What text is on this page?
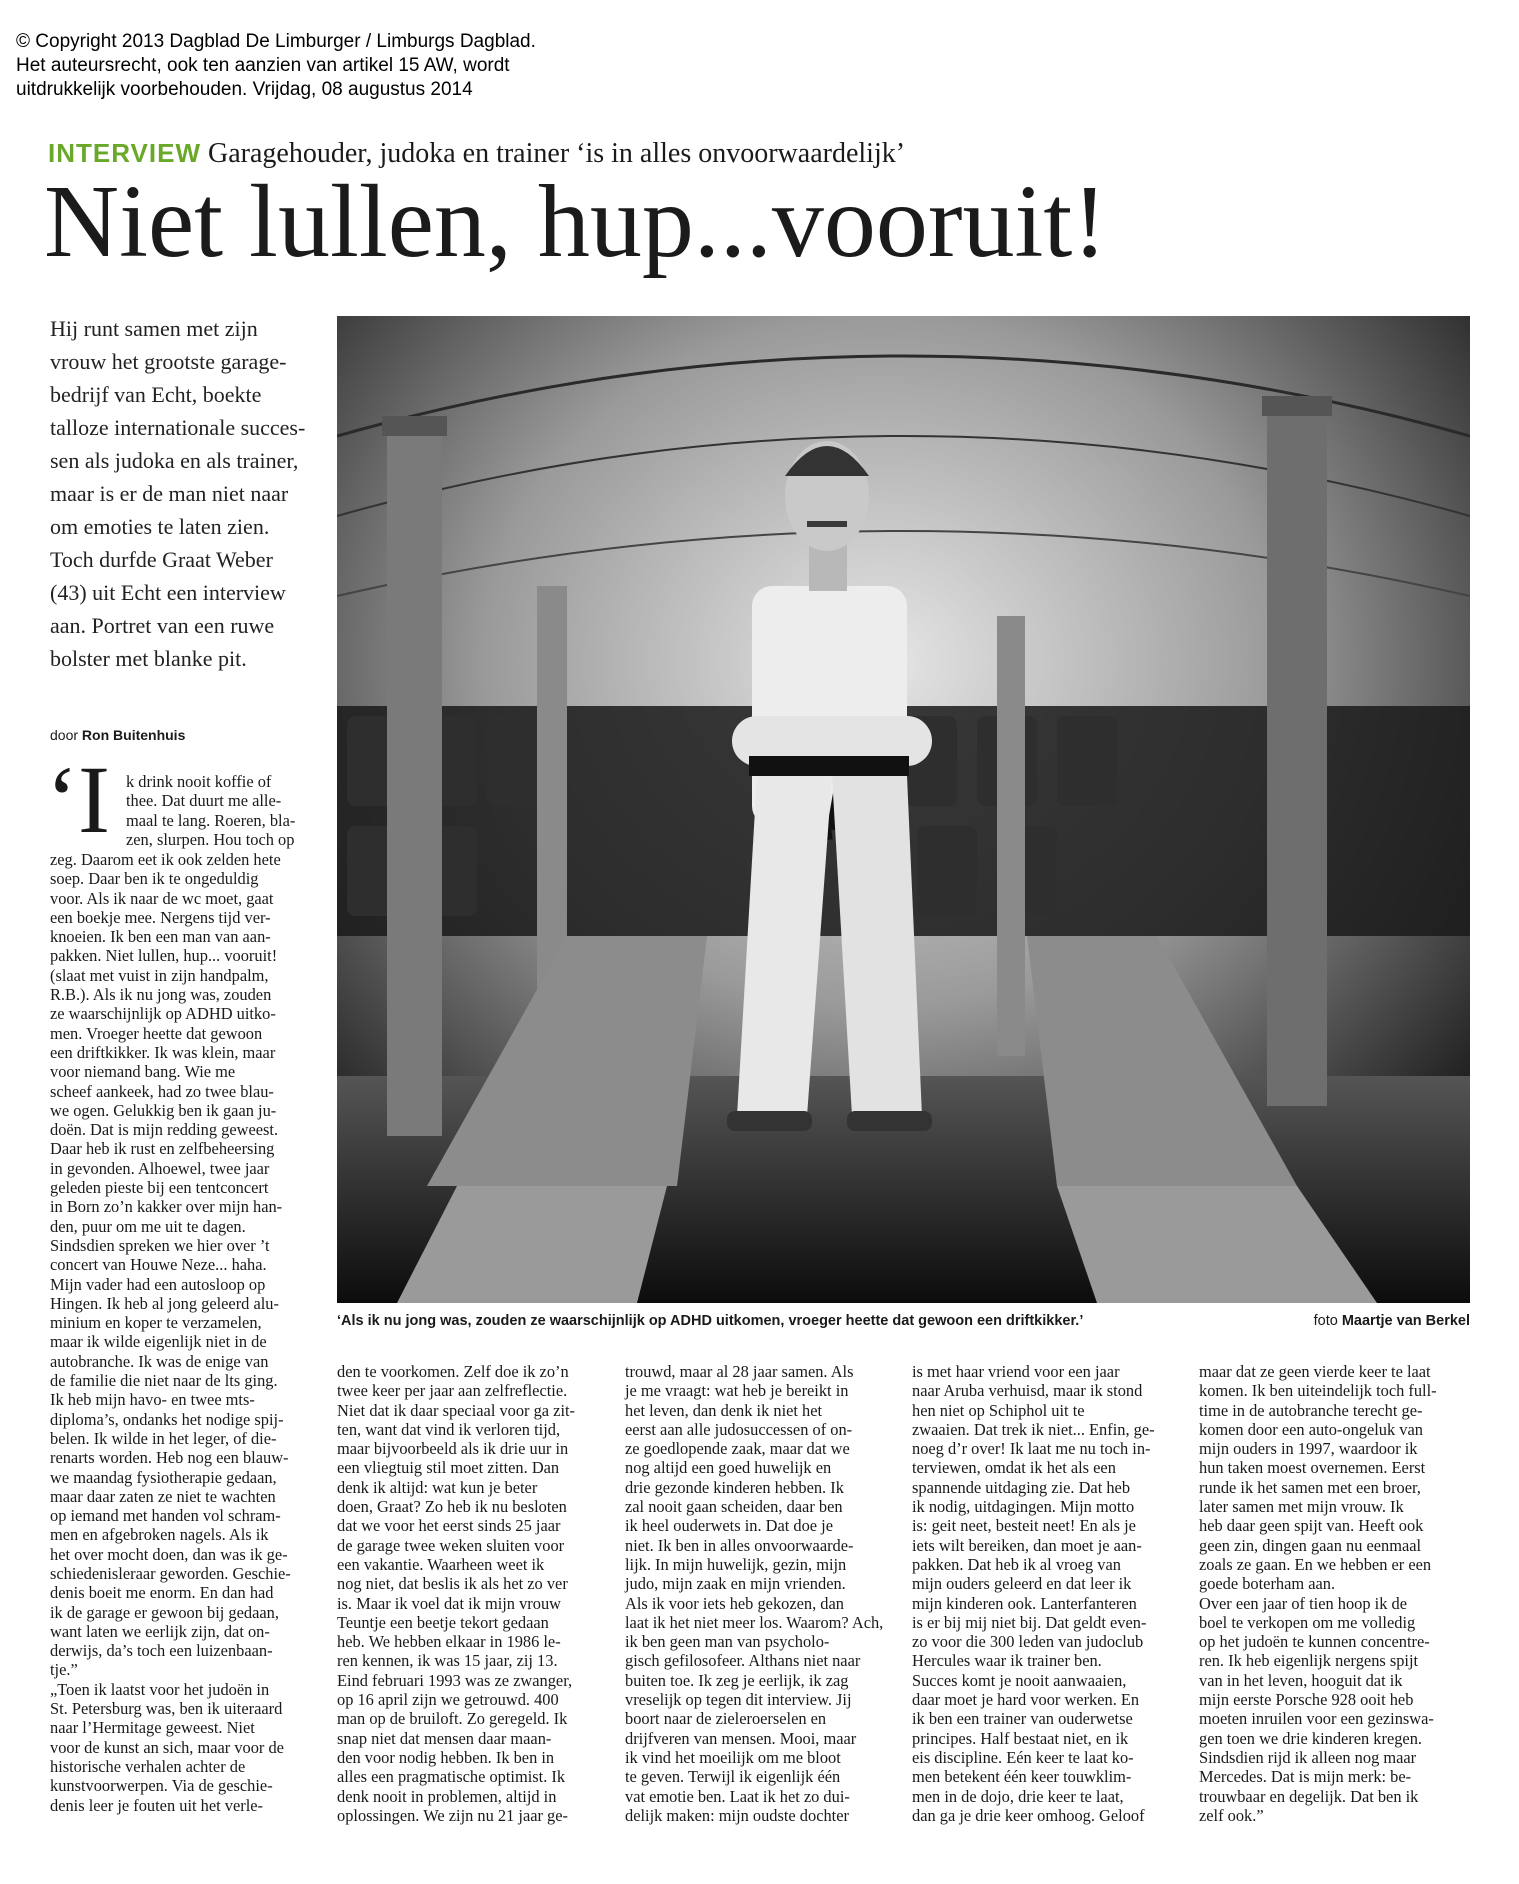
© Copyright 2013 Dagblad De Limburger / Limburgs Dagblad.
Het auteursrecht, ook ten aanzien van artikel 15 AW, wordt
uitdrukkelijk voorbehouden. Vrijdag, 08 augustus 2014
INTERVIEW Garagehouder, judoka en trainer ‘is in alles onvoorwaardelijk’
Niet lullen, hup...vooruit!
Hij runt samen met zijn
vrouw het grootste garage-
bedrijf van Echt, boekte
talloze internationale succes-
sen als judoka en als trainer,
maar is er de man niet naar
om emoties te laten zien.
Toch durfde Graat Weber
(43) uit Echt een interview
aan. Portret van een ruwe
bolster met blanke pit.
door Ron Buitenhuis
‘I k drink nooit koffie of
thee. Dat duurt me alle-
maal te lang. Roeren, bla-
zen, slurpen. Hou toch op
zeg. Daarom eet ik ook zelden hete
soep. Daar ben ik te ongeduldig
voor. Als ik naar de wc moet, gaat
een boekje mee. Nergens tijd ver-
knoeien. Ik ben een man van aan-
pakken. Niet lullen, hup... vooruit!
(slaat met vuist in zijn handpalm,
R.B.). Als ik nu jong was, zouden
ze waarschijnlijk op ADHD uitko-
men. Vroeger heette dat gewoon
een driftkikker. Ik was klein, maar
voor niemand bang. Wie me
scheef aankeek, had zo twee blau-
we ogen. Gelukkig ben ik gaan ju-
doën. Dat is mijn redding geweest.
Daar heb ik rust en zelfbeheersing
in gevonden. Alhoewel, twee jaar
geleden pieste bij een tentconcert
in Born zo’n kakker over mijn han-
den, puur om me uit te dagen.
Sindsdien spreken we hier over ’t
concert van Houwe Neze... haha.
Mijn vader had een autosloop op
Hingen. Ik heb al jong geleerd alu-
minium en koper te verzamelen,
maar ik wilde eigenlijk niet in de
autobranche. Ik was de enige van
de familie die niet naar de lts ging.
Ik heb mijn havo- en twee mts-
diploma’s, ondanks het nodige spij-
belen. Ik wilde in het leger, of die-
renarts worden. Heb nog een blauw-
we maandag fysiotherapie gedaan,
maar daar zaten ze niet te wachten
op iemand met handen vol schram-
men en afgebroken nagels. Als ik
het over mocht doen, dan was ik ge-
schiedenisleraar geworden. Geschie-
denis boeit me enorm. En dan had
ik de garage er gewoon bij gedaan,
want laten we eerlijk zijn, dat on-
derwijs, da’s toch een luizenbaan-
tje.”
„Toen ik laatst voor het judoën in
St. Petersburg was, ben ik uiteraard
naar l’Hermitage geweest. Niet
voor de kunst an sich, maar voor de
historische verhalen achter de
kunstvoorwerpen. Via de geschie-
denis leer je fouten uit het verle-
den te voorkomen. Zelf doe ik zo’n
twee keer per jaar aan zelfreflectie.
Niet dat ik daar speciaal voor ga zit-
ten, want dat vind ik verloren tijd,
maar bijvoorbeeld als ik drie uur in
een vliegtuig stil moet zitten. Dan
denk ik altijd: wat kun je beter
doen, Graat? Zo heb ik nu besloten
dat we voor het eerst sinds 25 jaar
de garage twee weken sluiten voor
een vakantie. Waarheen weet ik
nog niet, dat beslis ik als het zo ver
is. Maar ik voel dat ik mijn vrouw
Teuntje een beetje tekort gedaan
heb. We hebben elkaar in 1986 le-
ren kennen, ik was 15 jaar, zij 13.
Eind februari 1993 was ze zwanger,
op 16 april zijn we getrouwd. 400
man op de bruiloft. Zo geregeld. Ik
snap niet dat mensen daar maan-
den voor nodig hebben. Ik ben in
alles een pragmatische optimist. Ik
denk nooit in problemen, altijd in
oplossingen. We zijn nu 21 jaar ge-
trouwd, maar al 28 jaar samen. Als
je me vraagt: wat heb je bereikt in
het leven, dan denk ik niet het
eerst aan alle judosuccessen of on-
ze goedlopende zaak, maar dat we
nog altijd een goed huwelijk en
drie gezonde kinderen hebben. Ik
zal nooit gaan scheiden, daar ben
ik heel ouderwets in. Dat doe je
niet. Ik ben in alles onvoorwaarde-
lijk. In mijn huwelijk, gezin, mijn
judo, mijn zaak en mijn vrienden.
Als ik voor iets heb gekozen, dan
laat ik het niet meer los. Waarom? Ach,
ik ben geen man van psycholo-
gisch gefilosofeer. Althans niet naar
buiten toe. Ik zeg je eerlijk, ik zag
vreselijk op tegen dit interview. Jij
boort naar de zieleroerselen en
drijfveren van mensen. Mooi, maar
ik vind het moeilijk om me bloot
te geven. Terwijl ik eigenlijk één
vat emotie ben. Laat ik het zo dui-
delijk maken: mijn oudste dochter
is met haar vriend voor een jaar
naar Aruba verhuisd, maar ik stond
hen niet op Schiphol uit te
zwaaien. Dat trek ik niet... Enfin, ge-
noeg d’r over! Ik laat me nu toch in-
terviewen, omdat ik het als een
spannende uitdaging zie. Dat heb
ik nodig, uitdagingen. Mijn motto
is: geit neet, besteit neet! En als je
iets wilt bereiken, dan moet je aan-
pakken. Dat heb ik al vroeg van
mijn ouders geleerd en dat leer ik
mijn kinderen ook. Lanterfanteren
is er bij mij niet bij. Dat geldt even-
zo voor die 300 leden van judoclub
Hercules waar ik trainer ben.
Succes komt je nooit aanwaaien,
daar moet je hard voor werken. En
ik ben een trainer van ouderwetse
principes. Half bestaat niet, en ik
eis discipline. Eén keer te laat ko-
men betekent één keer touwklim-
men in de dojo, drie keer te laat,
dan ga je drie keer omhoog. Geloof
maar dat ze geen vierde keer te laat
komen. Ik ben uiteindelijk toch full-
time in de autobranche terecht ge-
komen door een auto-ongeluk van
mijn ouders in 1997, waardoor ik
hun taken moest overnemen. Eerst
runde ik het samen met een broer,
later samen met mijn vrouw. Ik
heb daar geen spijt van. Heeft ook
geen zin, dingen gaan nu eenmaal
zoals ze gaan. En we hebben er een
goede boterham aan.
Over een jaar of tien hoop ik de
boel te verkopen om me volledig
op het judoën te kunnen concentre-
ren. Ik heb eigenlijk nergens spijt
van in het leven, hooguit dat ik
mijn eerste Porsche 928 ooit heb
moeten inruilen voor een gezinswa-
gen toen we drie kinderen kregen.
Sindsdien rijd ik alleen nog maar
Mercedes. Dat is mijn merk: be-
trouwbaar en degelijk. Dat ben ik
zelf ook.”
‘Als ik nu jong was, zouden ze waarschijnlijk op ADHD uitkomen, vroeger heette dat gewoon een driftkikker.’	foto Maartje van Berkel
